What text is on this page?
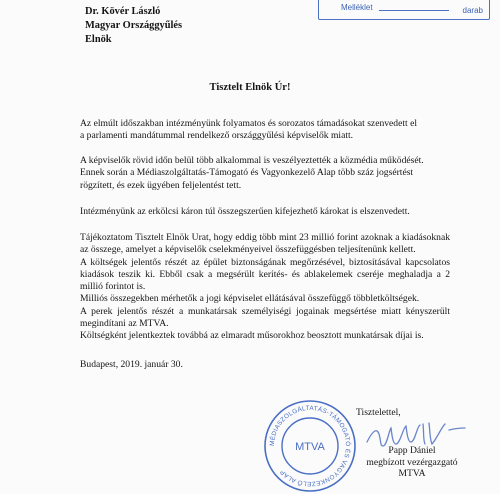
Dr. Kövér László
Magyar Országgyűlés
Elnök
Melléklet	darab
Tisztelt Elnök Úr!
Az elmúlt időszakban intézményünk folyamatos és sorozatos támadásokat szenvedett el
a parlamenti mandátummal rendelkező országgyűlési képviselők miatt.
A képviselők rövid időn belül több alkalommal is veszélyeztették a közmédia működését.
Ennek során a Médiaszolgáltatás-Támogató és Vagyonkezelő Alap több száz jogsértést
rögzített, és ezek ügyében feljelentést tett.
Intézményünk az erkölcsi káron túl összegszerűen kifejezhető károkat is elszenvedett.
Tájékoztatom Tisztelt Elnök Urat, hogy eddig több mint 23 millió forint azoknak a kiadásoknak az összege, amelyet a képviselők cselekményeivel összefüggésben teljesítenünk kellett.
A költségek jelentős részét az épület biztonságának megőrzésével, biztosításával kapcsolatos kiadások teszik ki. Ebből csak a megsérült kerítés- és ablakelemek cseréje meghaladja a 2 millió forintot is.
Milliós összegekben mérhetők a jogi képviselet ellátásával összefüggő többletköltségek.
A perek jelentős részét a munkatársak személyiségi jogainak megsértése miatt kényszerült megindítani az MTVA.
Költségként jelentkeztek továbbá az elmaradt műsorokhoz beosztott munkatársak díjai is.
Budapest, 2019. január 30.
Tisztelettel,
MÉDIASZOLGÁLTATÁS-TÁMOGATÓ ÉS VAGYONKEZELŐ ALAP
MTVA	Papp Dániel
megbízott vezérgazgató
MTVA
